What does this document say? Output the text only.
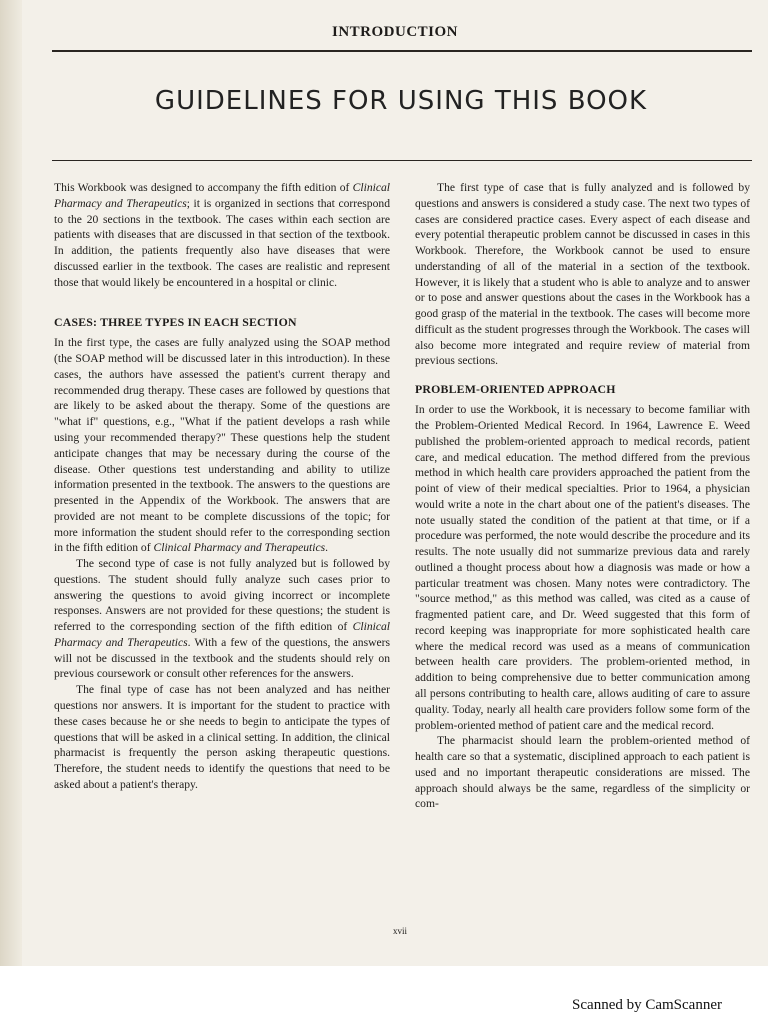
INTRODUCTION
GUIDELINES FOR USING THIS BOOK

This Workbook was designed to accompany the fifth edition of Clinical Pharmacy and Therapeutics; it is organized in sections that correspond to the 20 sections in the textbook. The cases within each section are patients with diseases that are discussed in that section of the textbook. In addition, the patients frequently also have diseases that were discussed earlier in the textbook. The cases are realistic and represent those that would likely be encountered in a hospital or clinic.

CASES: THREE TYPES IN EACH SECTION

In the first type, the cases are fully analyzed using the SOAP method (the SOAP method will be discussed later in this introduction). In these cases, the authors have assessed the patient's current therapy and recommended drug therapy. These cases are followed by questions that are likely to be asked about the therapy. Some of the questions are "what if" questions, e.g., "What if the patient develops a rash while using your recommended therapy?" These questions help the student anticipate changes that may be necessary during the course of the disease. Other questions test understanding and ability to utilize information presented in the textbook. The answers to the questions are presented in the Appendix of the Workbook. The answers that are provided are not meant to be complete discussions of the topic; for more information the student should refer to the corresponding section in the fifth edition of Clinical Pharmacy and Therapeutics.

The second type of case is not fully analyzed but is followed by questions. The student should fully analyze such cases prior to answering the questions to avoid giving incorrect or incomplete responses. Answers are not provided for these questions; the student is referred to the corresponding section of the fifth edition of Clinical Pharmacy and Therapeutics. With a few of the questions, the answers will not be discussed in the textbook and the students should rely on previous coursework or consult other references for the answers.

The final type of case has not been analyzed and has neither questions nor answers. It is important for the student to practice with these cases because he or she needs to begin to anticipate the types of questions that will be asked in a clinical setting. In addition, the clinical pharmacist is frequently the person asking therapeutic questions. Therefore, the student needs to identify the questions that need to be asked about a patient's therapy.

The first type of case that is fully analyzed and is followed by questions and answers is considered a study case. The next two types of cases are considered practice cases. Every aspect of each disease and every potential therapeutic problem cannot be discussed in cases in this Workbook. Therefore, the Workbook cannot be used to ensure understanding of all of the material in a section of the textbook. However, it is likely that a student who is able to analyze and to answer or to pose and answer questions about the cases in the Workbook has a good grasp of the material in the textbook. The cases will become more difficult as the student progresses through the Workbook. The cases will also become more integrated and require review of material from previous sections.

PROBLEM-ORIENTED APPROACH

In order to use the Workbook, it is necessary to become familiar with the Problem-Oriented Medical Record. In 1964, Lawrence E. Weed published the problem-oriented approach to medical records, patient care, and medical education. The method differed from the previous method in which health care providers approached the patient from the point of view of their medical specialties. Prior to 1964, a physician would write a note in the chart about one of the patient's diseases. The note usually stated the condition of the patient at that time, or if a procedure was performed, the note would describe the procedure and its results. The note usually did not summarize previous data and rarely outlined a thought process about how a diagnosis was made or how a particular treatment was chosen. Many notes were contradictory. The "source method," as this method was called, was cited as a cause of fragmented patient care, and Dr. Weed suggested that this form of record keeping was inappropriate for more sophisticated health care where the medical record was used as a means of communication between health care providers. The problem-oriented method, in addition to being comprehensive due to better communication among all persons contributing to health care, allows auditing of care to assure quality. Today, nearly all health care providers follow some form of the problem-oriented method of patient care and the medical record.

The pharmacist should learn the problem-oriented method of health care so that a systematic, disciplined approach to each patient is used and no important therapeutic considerations are missed. The approach should always be the same, regardless of the simplicity or com-

xvii
Scanned by CamScanner
